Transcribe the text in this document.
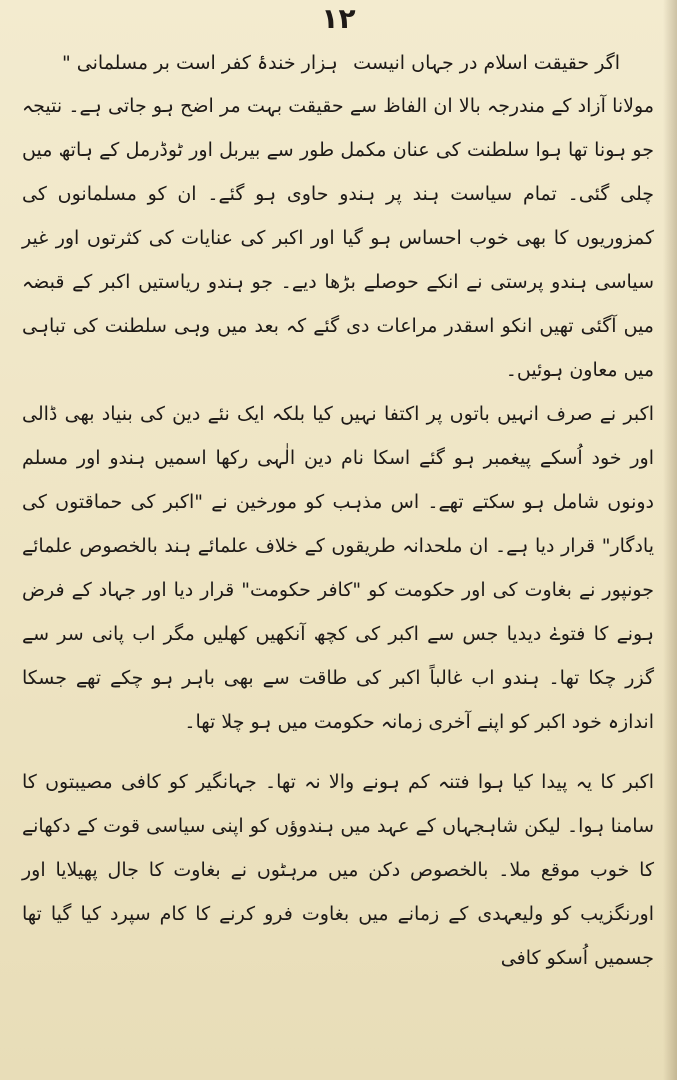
۱۲
اگر حقیقت اسلام در جہاں انیست
ہزار خندۂ کفر است بر مسلمانی "

مولانا آزاد کے مندرجہ بالا ان الفاظ سے حقیقت بہت مر اضح ہو جاتی ہے۔ نتیجہ جو ہونا تھا ہوا سلطنت کی عنان مکمل طور سے بیربل اور ٹوڈرمل کے ہاتھ میں چلی گئی۔ تمام سیاست ہند پر ہندو حاوی ہو گئے۔ ان کو مسلمانوں کی کمزوریوں کا بھی خوب احساس ہو گیا اور اکبر کی عنایات کی کثرتوں اور غیر سیاسی ہندو پرستی نے انکے حوصلے بڑھا دیے۔ جو ہندو ریاستیں اکبر کے قبضہ میں آگئی تھیں انکو اسقدر مراعات دی گئے کہ بعد میں وہی سلطنت کی تباہی میں معاون ہوئیں۔

اکبر نے صرف انہیں باتوں پر اکتفا نہیں کیا بلکہ ایک نئے دین کی بنیاد بھی ڈالی اور خود اُسکے پیغمبر ہو گئے اسکا نام دین الٰہی رکھا اسمیں ہندو اور مسلم دونوں شامل ہو سکتے تھے۔ اس مذہب کو مورخین نے "اکبر کی حماقتوں کی یادگار" قرار دیا ہے۔ ان ملحدانہ طریقوں کے خلاف علمائے ہند بالخصوص علمائے جونپور نے بغاوت کی اور حکومت کو "کافر حکومت" قرار دیا اور جہاد کے فرض ہونے کا فتوےٰ دیدیا جس سے اکبر کی کچھ آنکھیں کھلیں مگر اب پانی سر سے گزر چکا تھا۔ ہندو اب غالباً اکبر کی طاقت سے بھی باہر ہو چکے تھے جسکا اندازہ خود اکبر کو اپنے آخری زمانہ حکومت میں ہو چلا تھا۔

اکبر کا یہ پیدا کیا ہوا فتنہ کم ہونے والا نہ تھا۔ جہانگیر کو کافی مصیبتوں کا سامنا ہوا۔ لیکن شاہجہاں کے عہد میں ہندوؤں کو اپنی سیاسی قوت کے دکھانے کا خوب موقع ملا۔ بالخصوص دکن میں مرہٹوں نے بغاوت کا جال پھیلایا اور اورنگزیب کو ولیعہدی کے زمانے میں بغاوت فرو کرنے کا کام سپرد کیا گیا تھا جسمیں اُسکو کافی
